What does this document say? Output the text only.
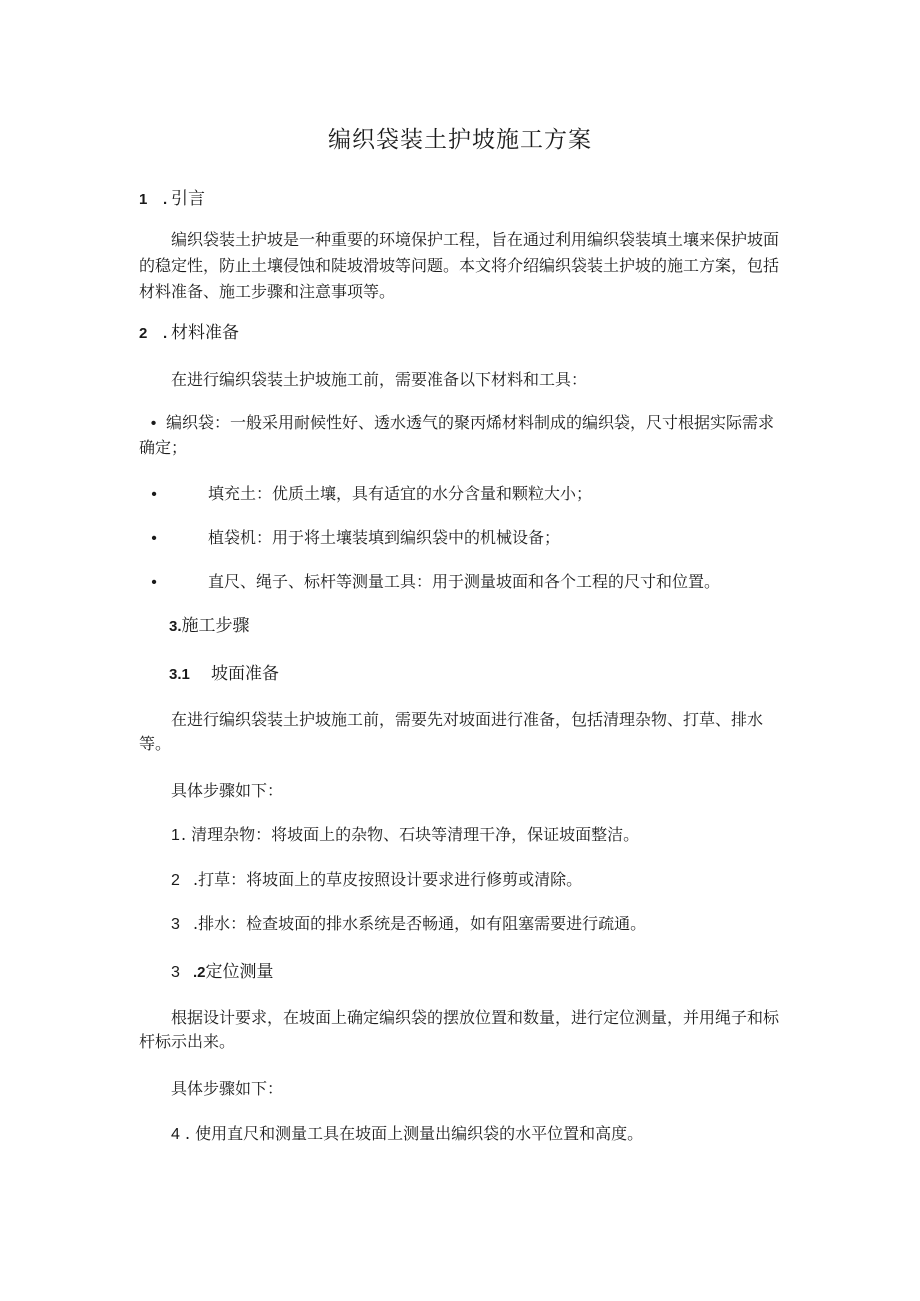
编织袋装土护坡施工方案
1 . 引言
编织袋装土护坡是一种重要的环境保护工程，旨在通过利用编织袋装填土壤来保护坡面的稳定性，防止土壤侵蚀和陡坡滑坡等问题。本文将介绍编织袋装土护坡的施工方案，包括材料准备、施工步骤和注意事项等。
2 . 材料准备
在进行编织袋装土护坡施工前，需要准备以下材料和工具：
• 编织袋：一般采用耐候性好、透水透气的聚丙烯材料制成的编织袋，尺寸根据实际需求确定；
•	填充土：优质土壤，具有适宜的水分含量和颗粒大小；
•	植袋机：用于将土壤装填到编织袋中的机械设备；
•	直尺、绳子、标杆等测量工具：用于测量坡面和各个工程的尺寸和位置。
3.施工步骤
3.1 坡面准备
在进行编织袋装土护坡施工前，需要先对坡面进行准备，包括清理杂物、打草、排水等。
具体步骤如下：
1. 清理杂物：将坡面上的杂物、石块等清理干净，保证坡面整洁。
2 .打草：将坡面上的草皮按照设计要求进行修剪或清除。
3 .排水：检查坡面的排水系统是否畅通，如有阻塞需要进行疏通。
3 .2定位测量
根据设计要求，在坡面上确定编织袋的摆放位置和数量，进行定位测量，并用绳子和标杆标示出来。
具体步骤如下：
4 . 使用直尺和测量工具在坡面上测量出编织袋的水平位置和高度。
